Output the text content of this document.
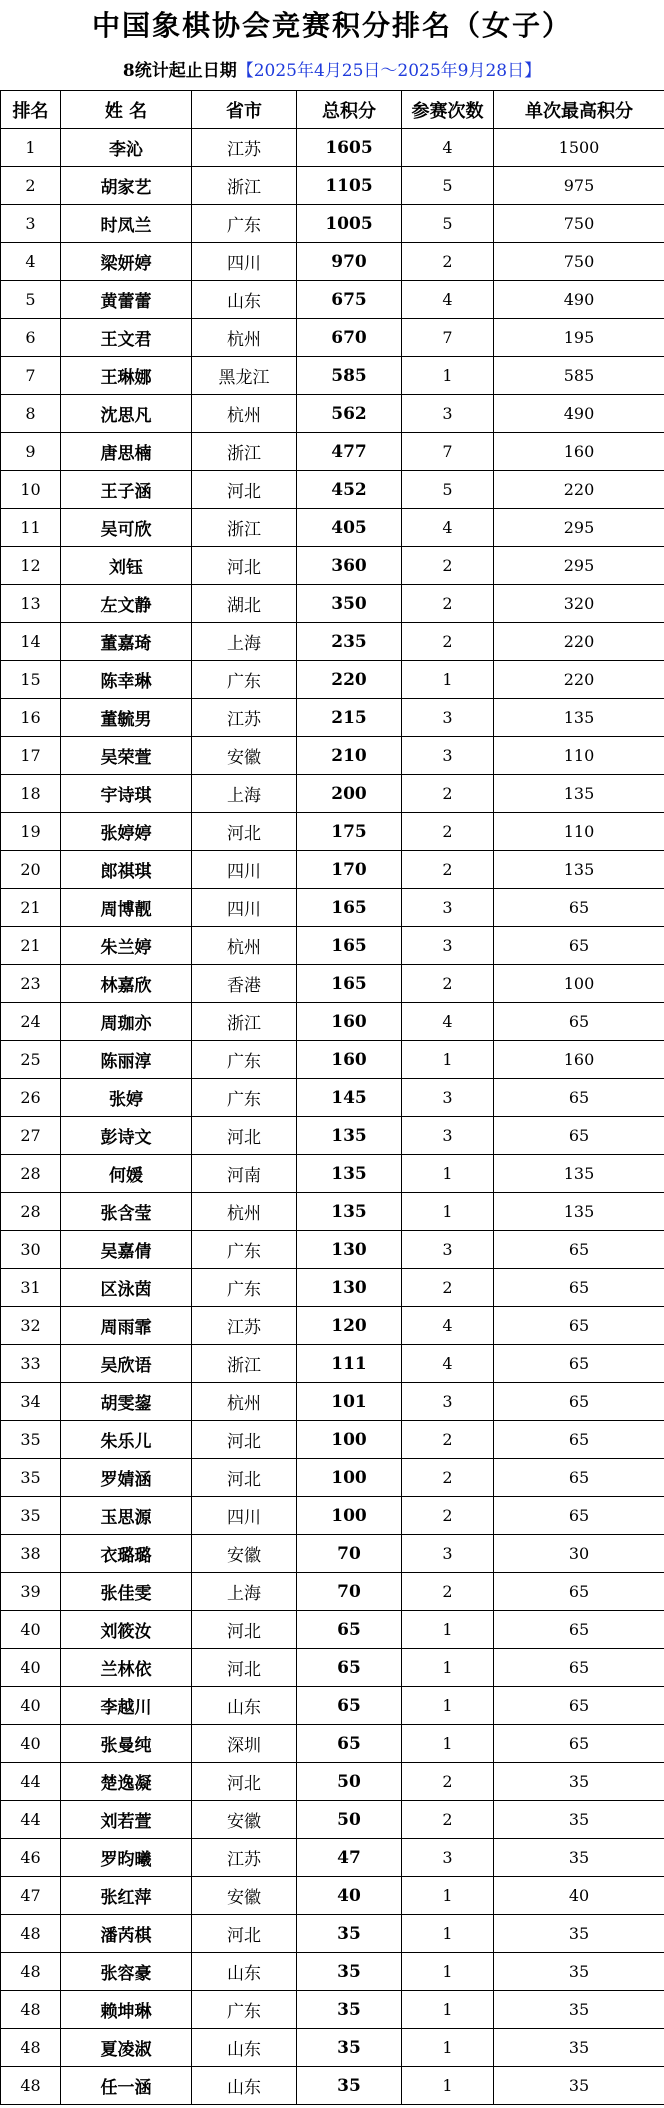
中国象棋协会竞赛积分排名（女子）
8统计起止日期【2025年4月25日～2025年9月28日】
排名	姓 名	省市	总积分	参赛次数	单次最高积分
1	李沁	江苏	1605	4	1500
2	胡家艺	浙江	1105	5	975
3	时凤兰	广东	1005	5	750
4	梁妍婷	四川	970	2	750
5	黄蕾蕾	山东	675	4	490
6	王文君	杭州	670	7	195
7	王琳娜	黑龙江	585	1	585
8	沈思凡	杭州	562	3	490
9	唐思楠	浙江	477	7	160
10	王子涵	河北	452	5	220
11	吴可欣	浙江	405	4	295
12	刘钰	河北	360	2	295
13	左文静	湖北	350	2	320
14	董嘉琦	上海	235	2	220
15	陈幸琳	广东	220	1	220
16	董毓男	江苏	215	3	135
17	吴荣萱	安徽	210	3	110
18	宇诗琪	上海	200	2	135
19	张婷婷	河北	175	2	110
20	郎祺琪	四川	170	2	135
21	周博靓	四川	165	3	65
21	朱兰婷	杭州	165	3	65
23	林嘉欣	香港	165	2	100
24	周珈亦	浙江	160	4	65
25	陈丽淳	广东	160	1	160
26	张婷	广东	145	3	65
27	彭诗文	河北	135	3	65
28	何媛	河南	135	1	135
28	张含莹	杭州	135	1	135
30	吴嘉倩	广东	130	3	65
31	区泳茵	广东	130	2	65
32	周雨霏	江苏	120	4	65
33	吴欣语	浙江	111	4	65
34	胡雯鋆	杭州	101	3	65
35	朱乐儿	河北	100	2	65
35	罗婧涵	河北	100	2	65
35	玉思源	四川	100	2	65
38	衣璐璐	安徽	70	3	30
39	张佳雯	上海	70	2	65
40	刘筱汝	河北	65	1	65
40	兰林依	河北	65	1	65
40	李越川	山东	65	1	65
40	张曼纯	深圳	65	1	65
44	楚逸凝	河北	50	2	35
44	刘若萱	安徽	50	2	35
46	罗昀曦	江苏	47	3	35
47	张红萍	安徽	40	1	40
48	潘芮棋	河北	35	1	35
48	张容豪	山东	35	1	35
48	赖坤琳	广东	35	1	35
48	夏凌淑	山东	35	1	35
48	任一涵	山东	35	1	35
